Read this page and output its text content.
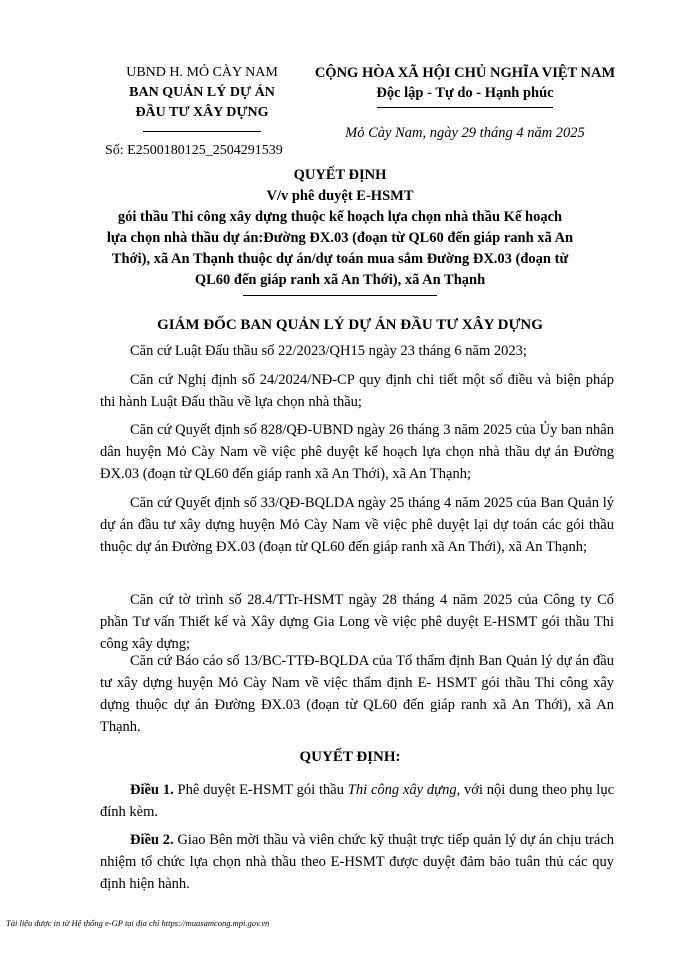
UBND H. MỎ CÀY NAM
BAN QUẢN LÝ DỰ ÁN
ĐẦU TƯ XÂY DỰNG
Số: E2500180125_2504291539
CỘNG HÒA XÃ HỘI CHỦ NGHĨA VIỆT NAM
Độc lập - Tự do - Hạnh phúc
Mỏ Cày Nam, ngày 29 tháng 4 năm 2025
QUYẾT ĐỊNH
V/v phê duyệt E-HSMT
gói thầu Thi công xây dựng thuộc kế hoạch lựa chọn nhà thầu Kế hoạch
lựa chọn nhà thầu dự án:Đường ĐX.03 (đoạn từ QL60 đến giáp ranh xã An
Thới), xã An Thạnh thuộc dự án/dự toán mua sắm Đường ĐX.03 (đoạn từ
QL60 đến giáp ranh xã An Thới), xã An Thạnh
GIÁM ĐỐC BAN QUẢN LÝ DỰ ÁN ĐẦU TƯ XÂY DỰNG

Căn cứ Luật Đấu thầu số 22/2023/QH15 ngày 23 tháng 6 năm 2023;

Căn cứ Nghị định số 24/2024/NĐ-CP quy định chi tiết một số điều và biện pháp thi hành Luật Đấu thầu về lựa chọn nhà thầu;

Căn cứ Quyết định số 828/QĐ-UBND ngày 26 tháng 3 năm 2025 của Ủy ban nhân dân huyện Mỏ Cày Nam về việc phê duyệt kế hoạch lựa chọn nhà thầu dự án Đường ĐX.03 (đoạn từ QL60 đến giáp ranh xã An Thới), xã An Thạnh;

Căn cứ Quyết định số 33/QĐ-BQLDA ngày 25 tháng 4 năm 2025 của Ban Quản lý dự án đầu tư xây dựng huyện Mỏ Cày Nam về việc phê duyệt lại dự toán các gói thầu thuộc dự án Đường ĐX.03 (đoạn từ QL60 đến giáp ranh xã An Thới), xã An Thạnh;

Căn cứ tờ trình số 28.4/TTr-HSMT ngày 28 tháng 4 năm 2025 của Công ty Cổ phần Tư vấn Thiết kế và Xây dựng Gia Long về việc phê duyệt E-HSMT gói thầu Thi công xây dựng;

Căn cứ Báo cáo số 13/BC-TTĐ-BQLDA của Tổ thẩm định Ban Quản lý dự án đầu tư xây dựng huyện Mỏ Cày Nam về việc thẩm định E- HSMT gói thầu Thi công xây dựng thuộc dự án Đường ĐX.03 (đoạn từ QL60 đến giáp ranh xã An Thới), xã An Thạnh.

QUYẾT ĐỊNH:

Điều 1. Phê duyệt E-HSMT gói thầu Thi công xây dựng, với nội dung theo phụ lục đính kèm.

Điều 2. Giao Bên mời thầu và viên chức kỹ thuật trực tiếp quản lý dự án chịu trách nhiệm tổ chức lựa chọn nhà thầu theo E-HSMT được duyệt đảm bảo tuân thủ các quy định hiện hành.

Tài liệu được in từ Hệ thống e-GP tại địa chỉ https://muasamcong.mpi.gov.vn
